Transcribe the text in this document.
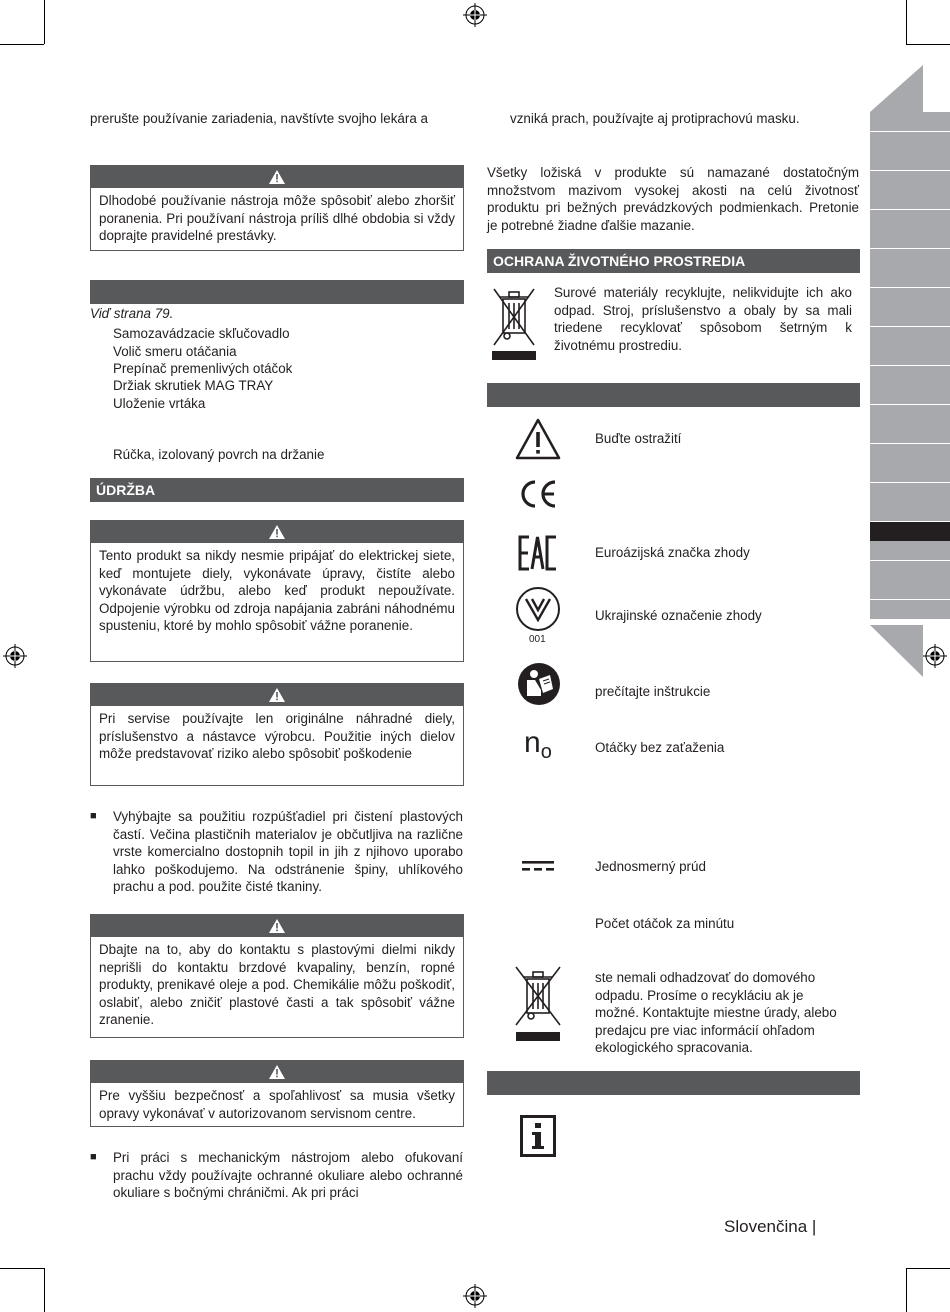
prerušte používanie zariadenia, navštívte svojho lekára a
Dlhodobé používanie nástroja môže spôsobiť alebo zhoršiť poranenia. Pri používaní nástroja príliš dlhé obdobia si vždy doprajte pravidelné prestávky.
Viď strana 79.
Samozavádzacie skľučovadlo
Volič smeru otáčania
Prepínač premenlivých otáčok
Držiak skrutiek MAG TRAY
Uloženie vrtáka
Rúčka, izolovaný povrch na držanie
ÚDRŽBA
Tento produkt sa nikdy nesmie pripájať do elektrickej siete, keď montujete diely, vykonávate úpravy, čistíte alebo vykonávate údržbu, alebo keď produkt nepoužívate. Odpojenie výrobku od zdroja napájania zabráni náhodnému spusteniu, ktoré by mohlo spôsobiť vážne poranenie.
Pri servise používajte len originálne náhradné diely, príslušenstvo a nástavce výrobcu. Použitie iných dielov môže predstavovať riziko alebo spôsobiť poškodenie
■ Vyhýbajte sa použitiu rozpúšťadiel pri čistení plastových častí. Večina plastičnih materialov je občutljiva na različne vrste komercialno dostopnih topil in jih z njihovo uporabo lahko poškodujemo. Na odstránenie špiny, uhlíkového prachu a pod. použite čisté tkaniny.
Dbajte na to, aby do kontaktu s plastovými dielmi nikdy neprišli do kontaktu brzdové kvapaliny, benzín, ropné produkty, prenikavé oleje a pod. Chemikálie môžu poškodiť, oslabiť, alebo zničiť plastové časti a tak spôsobiť vážne zranenie.
Pre vyššiu bezpečnosť a spoľahlivosť sa musia všetky opravy vykonávať v autorizovanom servisnom centre.
■ Pri práci s mechanickým nástrojom alebo ofukovaní prachu vždy používajte ochranné okuliare alebo ochranné okuliare s bočnými chráničmi. Ak pri práci
vzniká prach, používajte aj protiprachovú masku.
Všetky ložiská v produkte sú namazané dostatočným množstvom mazivom vysokej akosti na celú životnosť produktu pri bežných prevádzkových podmienkach. Pretonie je potrebné žiadne ďalšie mazanie.
OCHRANA ŽIVOTNÉHO PROSTREDIA
Surové materiály recyklujte, nelikvidujte ich ako odpad. Stroj, príslušenstvo a obaly by sa mali triedene recyklovať spôsobom šetrným k životnému prostrediu.
Buďte ostražití
Euroázijská značka zhody
001
Ukrajinské označenie zhody
prečítajte inštrukcie
$n_o$	Otáčky bez zaťaženia
Jednosmerný prúd
Počet otáčok za minútu
ste nemali odhadzovať do domového odpadu. Prosíme o recykláciu ak je možné. Kontaktujte miestne úrady, alebo predajcu pre viac informácií ohľadom ekologického spracovania.
Slovenčina |
